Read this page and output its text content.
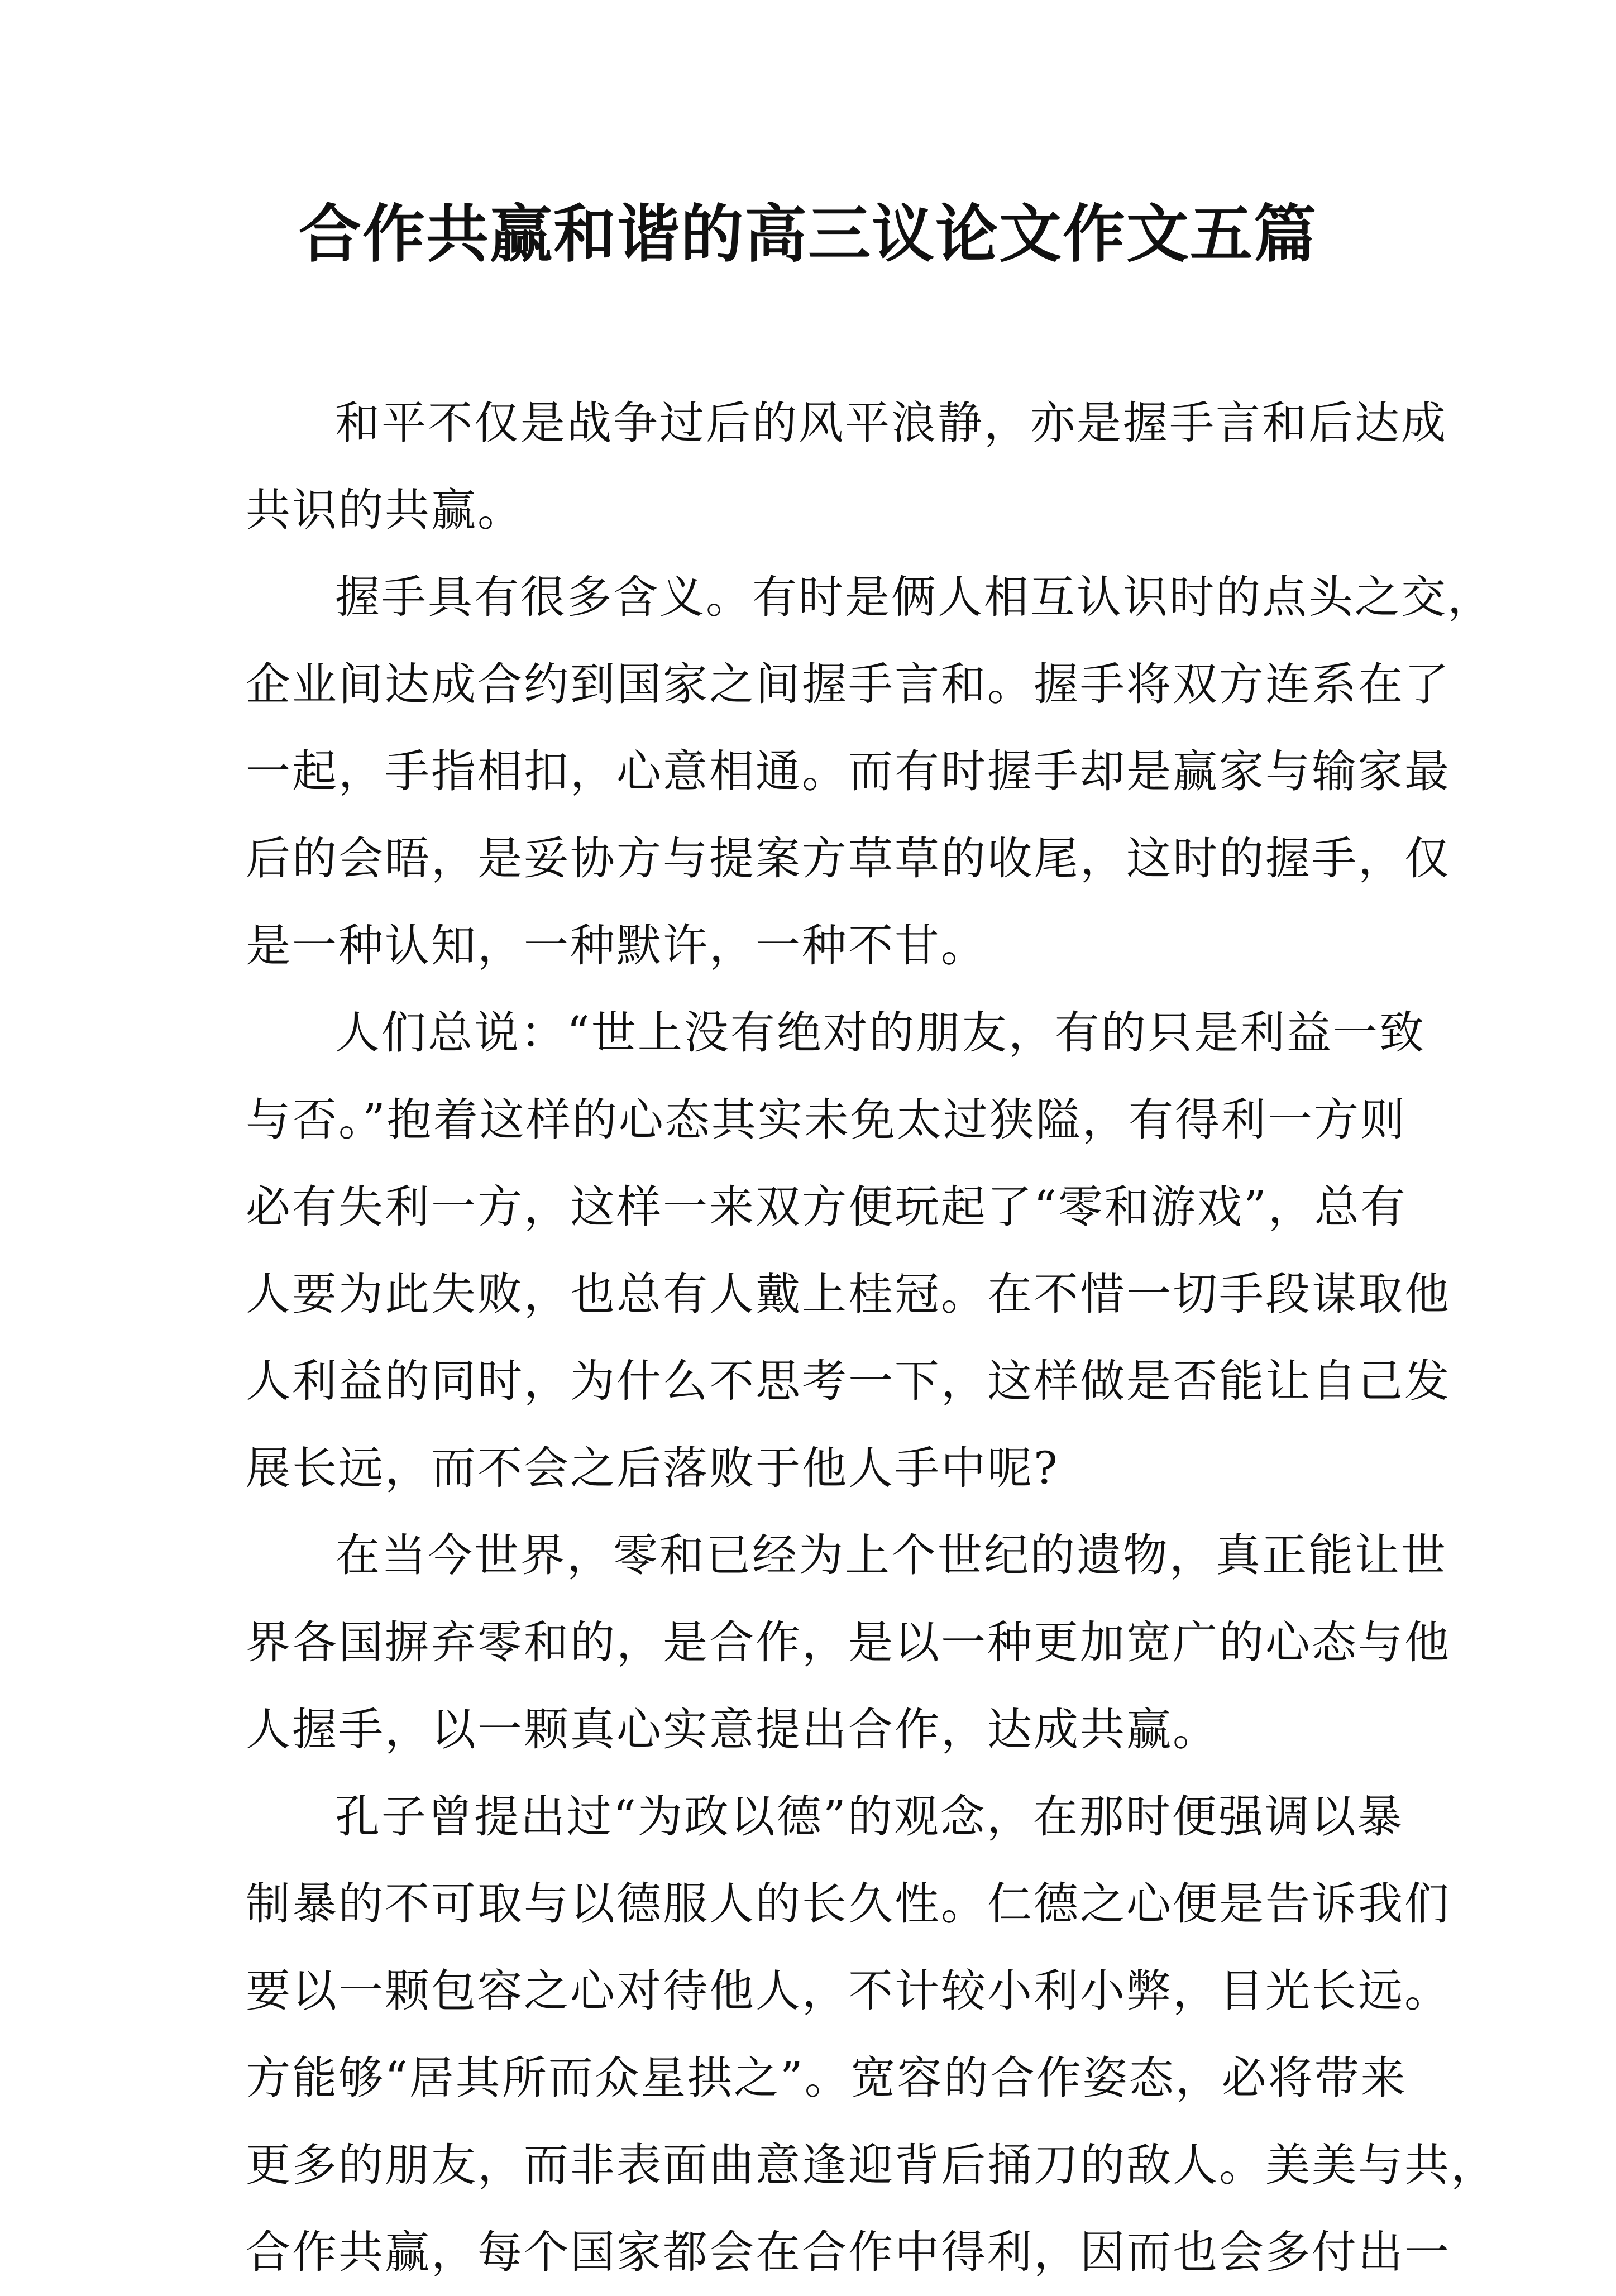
合作共赢和谐的高三议论文作文五篇
和平不仅是战争过后的风平浪静，亦是握手言和后达成
共识的共赢。
握手具有很多含义。有时是俩人相互认识时的点头之交，
企业间达成合约到国家之间握手言和。握手将双方连系在了
一起，手指相扣，心意相通。而有时握手却是赢家与输家最
后的会晤，是妥协方与提案方草草的收尾，这时的握手，仅
是一种认知，一种默许，一种不甘。
人们总说：“世上没有绝对的朋友，有的只是利益一致
与否。”抱着这样的心态其实未免太过狭隘，有得利一方则
必有失利一方，这样一来双方便玩起了“零和游戏”，总有
人要为此失败，也总有人戴上桂冠。在不惜一切手段谋取他
人利益的同时，为什么不思考一下，这样做是否能让自己发
展长远，而不会之后落败于他人手中呢?
在当今世界，零和已经为上个世纪的遗物，真正能让世
界各国摒弃零和的，是合作，是以一种更加宽广的心态与他
人握手，以一颗真心实意提出合作，达成共赢。
孔子曾提出过“为政以德”的观念，在那时便强调以暴
制暴的不可取与以德服人的长久性。仁德之心便是告诉我们
要以一颗包容之心对待他人，不计较小利小弊，目光长远。
方能够“居其所而众星拱之”。宽容的合作姿态，必将带来
更多的朋友，而非表面曲意逢迎背后捅刀的敌人。美美与共，
合作共赢，每个国家都会在合作中得利，因而也会多付出一
